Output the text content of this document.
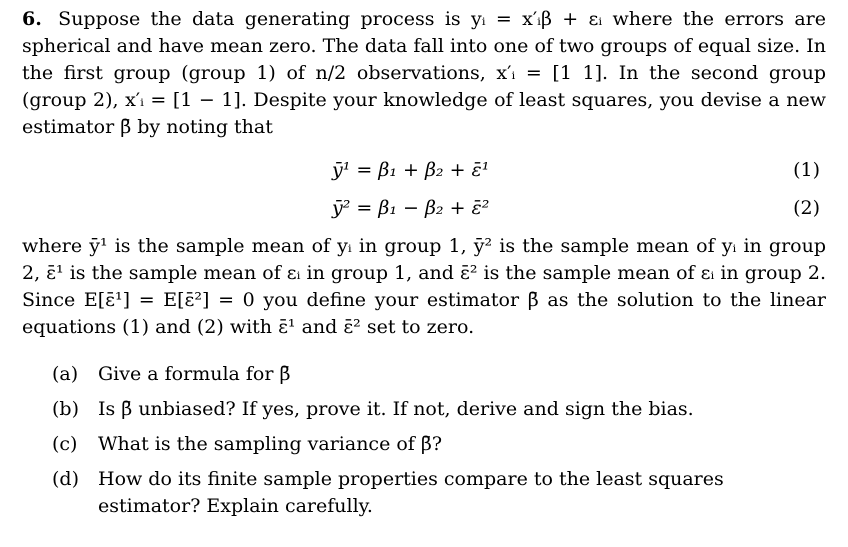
6. Suppose the data generating process is yᵢ = x′ᵢβ + εᵢ where the errors are spherical and have mean zero. The data fall into one of two groups of equal size. In the first group (group 1) of n/2 observations, x′ᵢ = [1 1]. In the second group (group 2), x′ᵢ = [1 − 1]. Despite your knowledge of least squares, you devise a new estimator β̄ by noting that

ȳ¹ = β₁ + β₂ + ε̄¹	(1)
ȳ² = β₁ − β₂ + ε̄²	(2)

where ȳ¹ is the sample mean of yᵢ in group 1, ȳ² is the sample mean of yᵢ in group 2, ε̄¹ is the sample mean of εᵢ in group 1, and ε̄² is the sample mean of εᵢ in group 2. Since E[ε̄¹] = E[ε̄²] = 0 you define your estimator β̄ as the solution to the linear equations (1) and (2) with ε̄¹ and ε̄² set to zero.

(a)	Give a formula for β̄
(b)	Is β̄ unbiased? If yes, prove it. If not, derive and sign the bias.
(c)	What is the sampling variance of β̄?
(d)	How do its finite sample properties compare to the least squares estimator? Explain carefully.
